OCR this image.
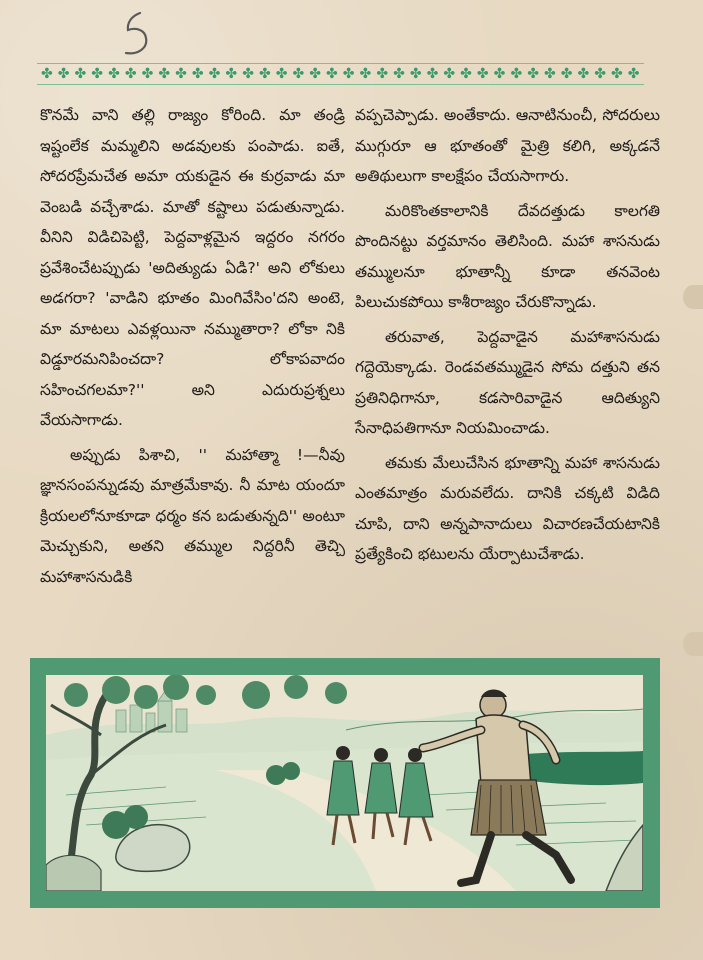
✤ ✤ ✤ ✤ ✤ ✤ ✤ ✤ ✤ ✤ ✤ ✤ ✤ ✤ ✤ ✤ ✤ ✤ ✤ ✤ ✤ ✤ ✤ ✤ ✤ ✤ ✤ ✤ ✤ ✤ ✤ ✤ ✤ ✤ ✤ ✤

కొనమే వాని తల్లి రాజ్యం కోరింది. మా తండ్రి ఇష్టంలేక మమ్మలిని అడవులకు పంపాడు. ఐతే, సోదరప్రేమచేత అమా యకుడైన ఈ కుర్రవాడు మా వెంబడి వచ్చేశాడు. మాతో కష్టాలు పడుతున్నాడు. వీనిని విడిచిపెట్టి, పెద్దవాళ్లమైన ఇద్దరం నగరం ప్రవేశించేటప్పుడు 'అదిత్యుడు ఏడి?' అని లోకులు అడగరా? 'వాడిని భూతం మింగివేసిం'దని అంటె, మా మాటలు ఎవళ్లయినా నమ్ముతారా? లోకా నికి విడ్డూరమనిపించదా? లోకాపవాదం సహించగలమా?'' అని ఎదురుప్రశ్నలు వేయసాగాడు.

అప్పుడు పిశాచి, '' మహాత్మా !—నీవు జ్ఞానసంపన్నుడవు మాత్రమేకావు. నీ మాట యందూ క్రియలలోనూకూడా ధర్మం కన బడుతున్నది'' అంటూ మెచ్చుకుని, అతని తమ్ముల నిద్దరినీ తెచ్చి మహాశాసనుడికి

వప్పచెప్పాడు. అంతేకాదు. ఆనాటినుంచీ, సోదరులు ముగ్గురూ ఆ భూతంతో మైత్రి కలిగి, అక్కడనే అతిథులుగా కాలక్షేపం చేయసాగారు.

మరికొంతకాలానికి దేవదత్తుడు కాలగతి పొందినట్టు వర్తమానం తెలిసింది. మహా శాసనుడు తమ్ములనూ భూతాన్నీ కూడా తనవెంట పిలుచుకపోయి కాశీరాజ్యం చేరుకొన్నాడు.

తరువాత, పెద్దవాడైన మహాశాసనుడు గద్దెయెక్కాడు. రెండవతమ్ముడైన సోమ దత్తుని తన ప్రతినిధిగానూ, కడసారివాడైన ఆదిత్యుని సేనాధిపతిగానూ నియమించాడు.

తమకు మేలుచేసిన భూతాన్ని మహా శాసనుడు ఎంతమాత్రం మరువలేదు. దానికి చక్కటి విడిది చూపి, దాని అన్నపానాదులు విచారణచేయటానికి ప్రత్యేకించి భటులను యేర్పాటుచేశాడు.
